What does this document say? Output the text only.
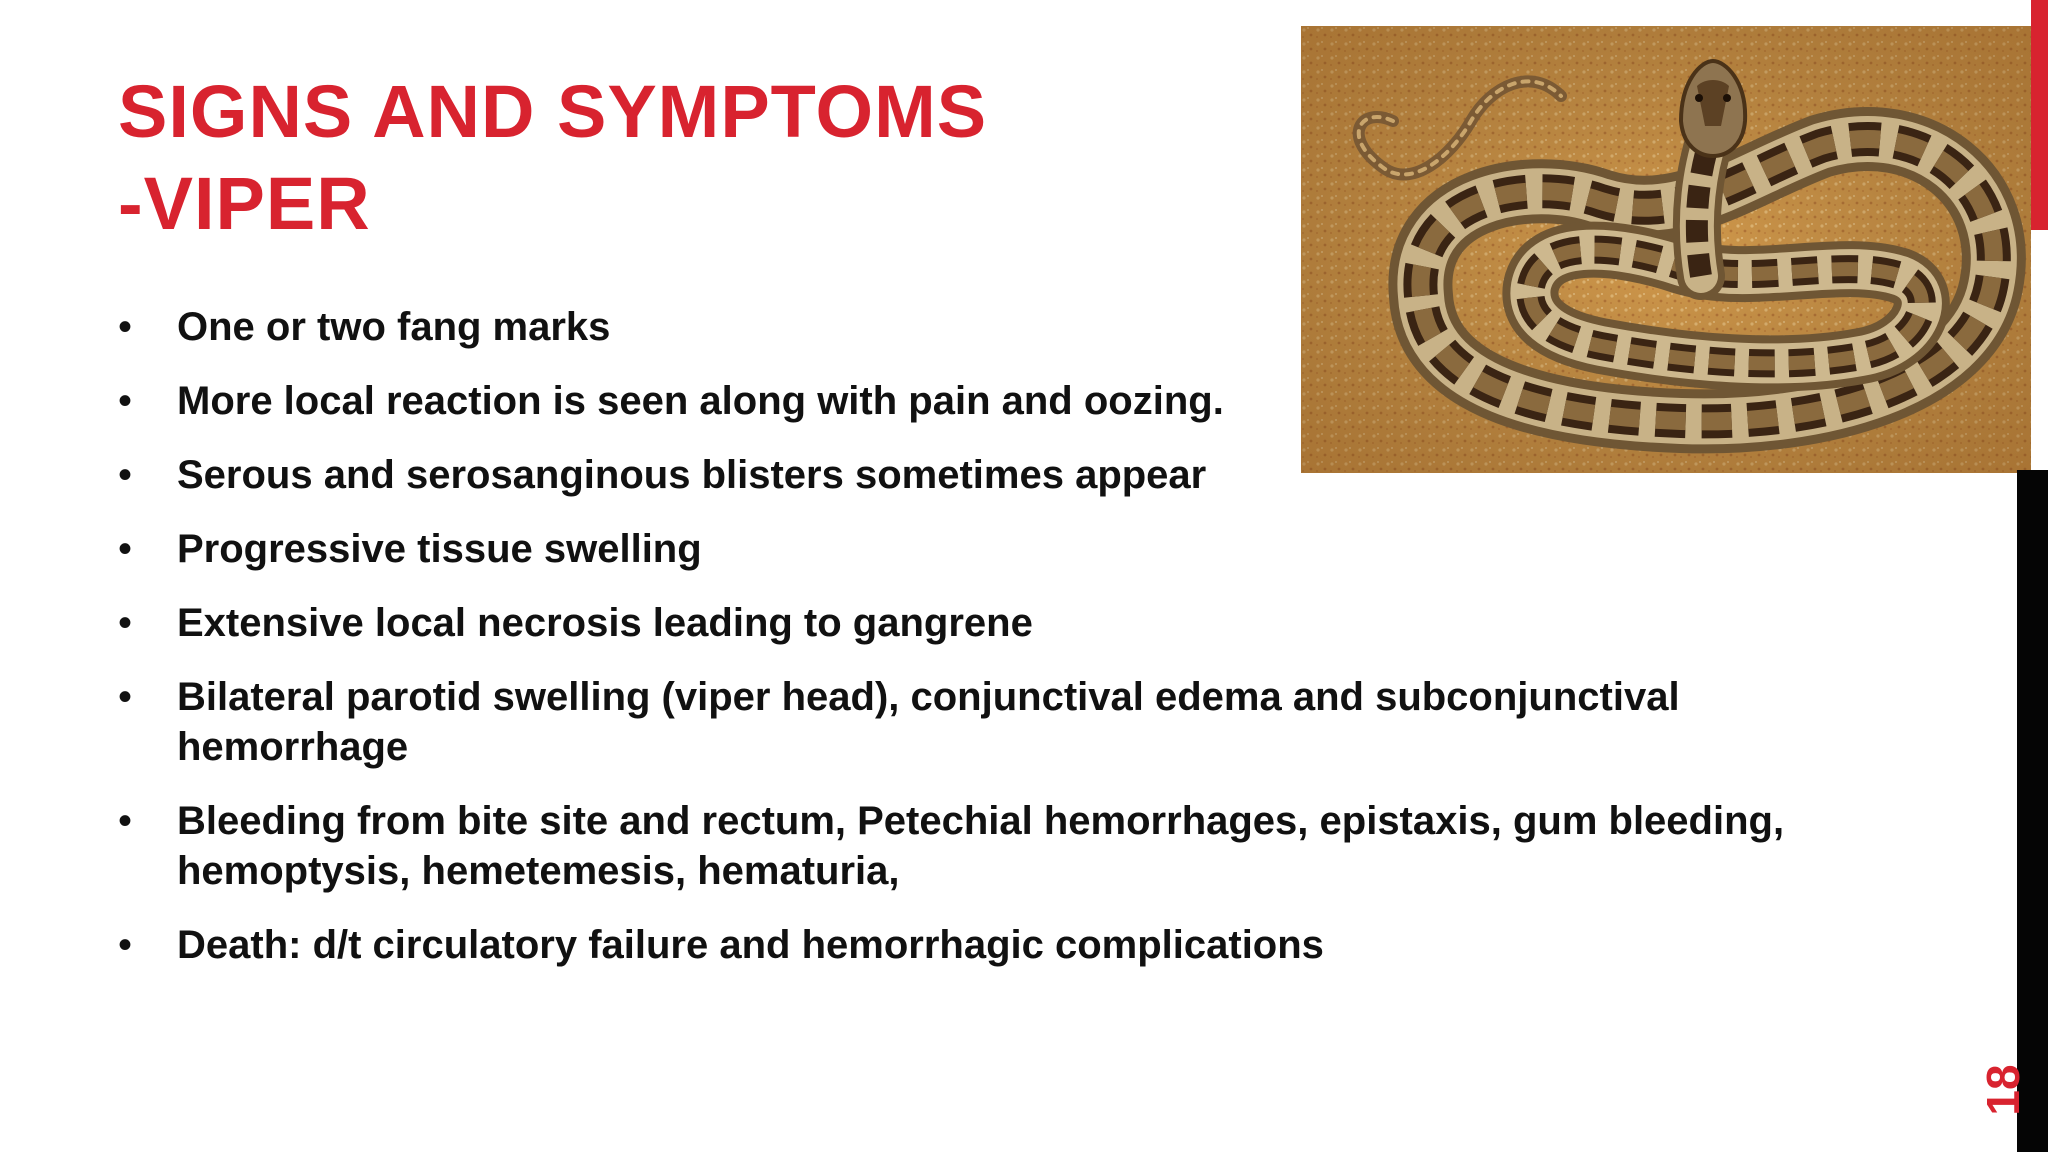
SIGNS AND SYMPTOMS
-VIPER
• One or two fang marks
• More local reaction is seen along with pain and oozing.
• Serous and serosanginous blisters sometimes appear
• Progressive tissue swelling
• Extensive local necrosis leading to gangrene
• Bilateral parotid swelling (viper head), conjunctival edema and subconjunctival hemorrhage
• Bleeding from bite site and rectum, Petechial hemorrhages, epistaxis, gum bleeding, hemoptysis, hemetemesis, hematuria,
• Death: d/t circulatory failure and hemorrhagic complications
18
